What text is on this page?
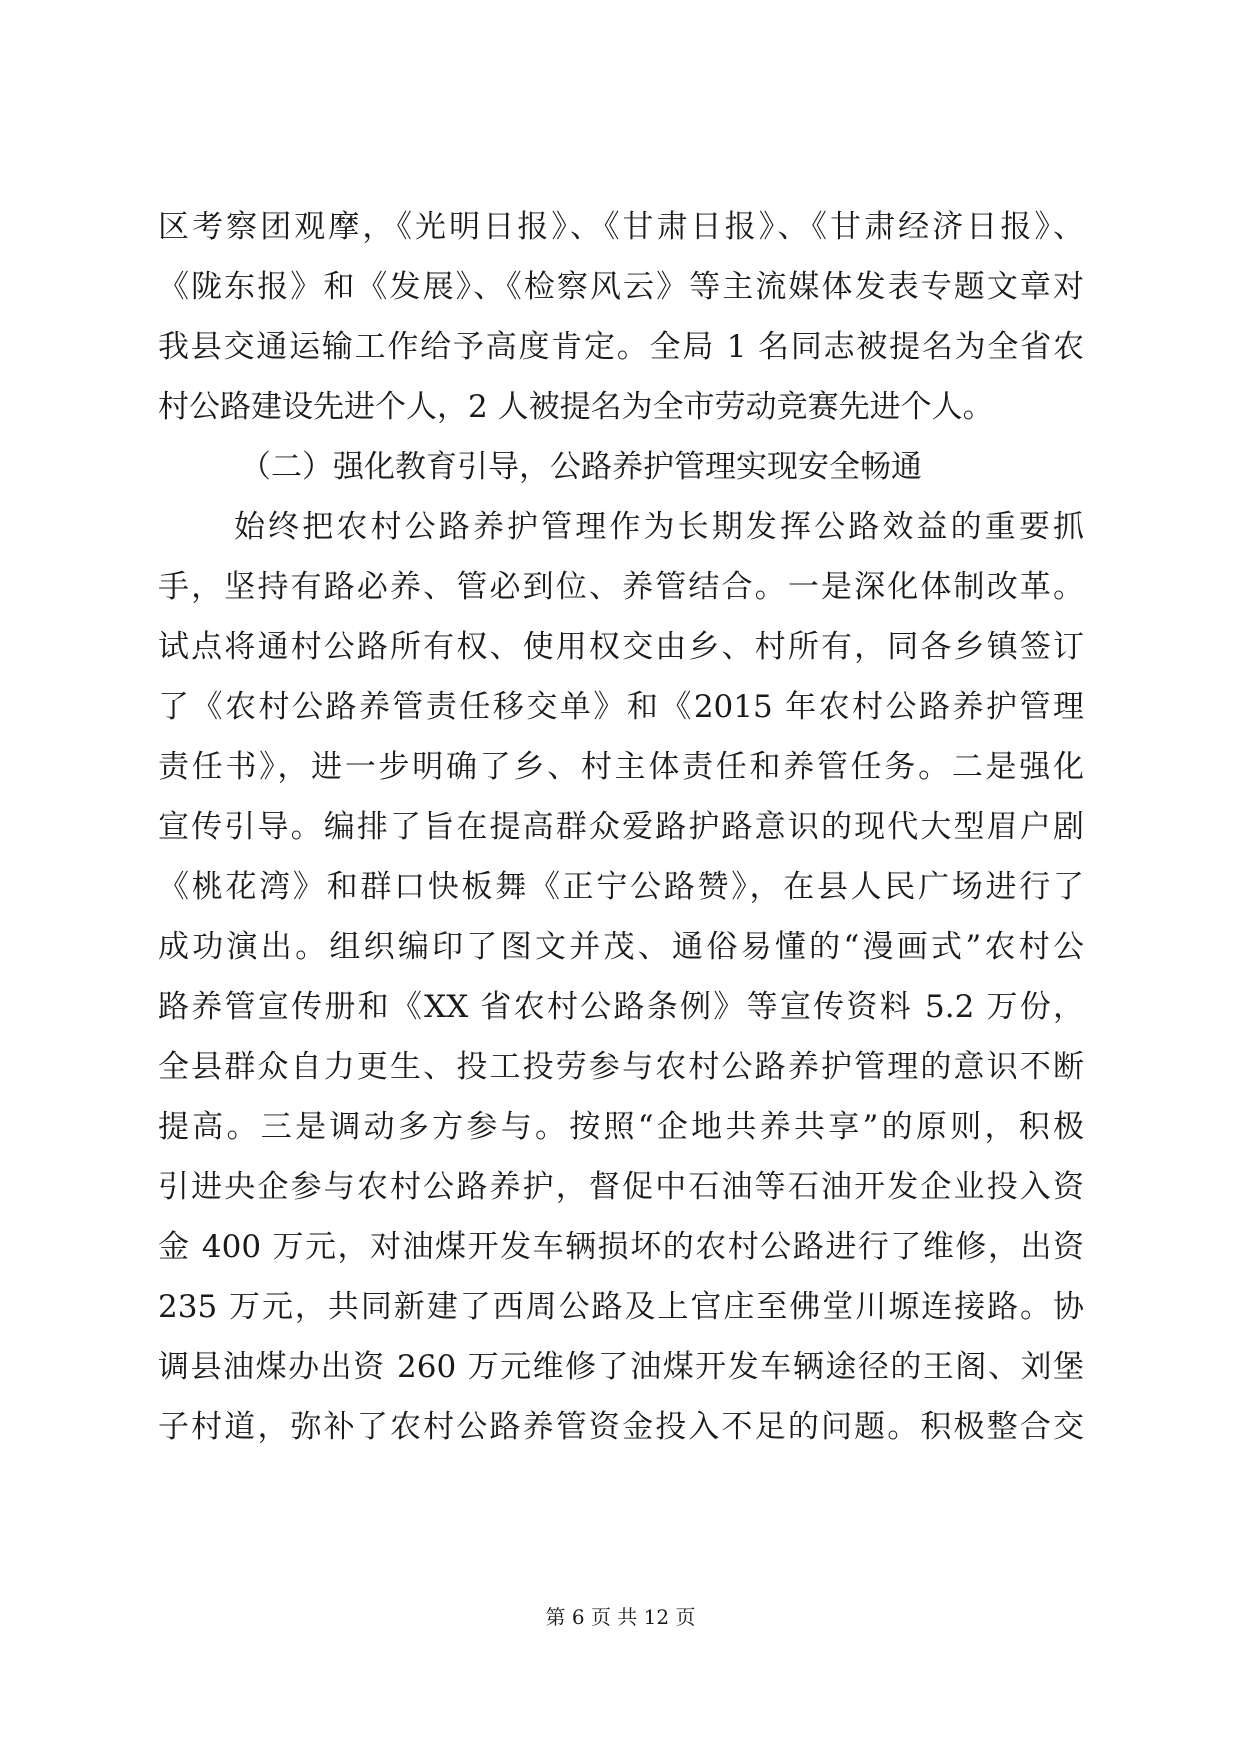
区考察团观摩，《光明日报》、《甘肃日报》、《甘肃经济日报》、
《陇东报》和《发展》、《检察风云》等主流媒体发表专题文章对
我县交通运输工作给予高度肯定。全局 1 名同志被提名为全省农
村公路建设先进个人，2 人被提名为全市劳动竞赛先进个人。
（二）强化教育引导，公路养护管理实现安全畅通
始终把农村公路养护管理作为长期发挥公路效益的重要抓
手，坚持有路必养、管必到位、养管结合。一是深化体制改革。
试点将通村公路所有权、使用权交由乡、村所有，同各乡镇签订
了《农村公路养管责任移交单》和《2015 年农村公路养护管理
责任书》，进一步明确了乡、村主体责任和养管任务。二是强化
宣传引导。编排了旨在提高群众爱路护路意识的现代大型眉户剧
《桃花湾》和群口快板舞《正宁公路赞》，在县人民广场进行了
成功演出。组织编印了图文并茂、通俗易懂的“漫画式”农村公
路养管宣传册和《XX 省农村公路条例》等宣传资料 5.2 万份，
全县群众自力更生、投工投劳参与农村公路养护管理的意识不断
提高。三是调动多方参与。按照“企地共养共享”的原则，积极
引进央企参与农村公路养护，督促中石油等石油开发企业投入资
金 400 万元，对油煤开发车辆损坏的农村公路进行了维修，出资
235 万元，共同新建了西周公路及上官庄至佛堂川塬连接路。协
调县油煤办出资 260 万元维修了油煤开发车辆途径的王阁、刘堡
子村道，弥补了农村公路养管资金投入不足的问题。积极整合交
第 6 页 共 12 页
